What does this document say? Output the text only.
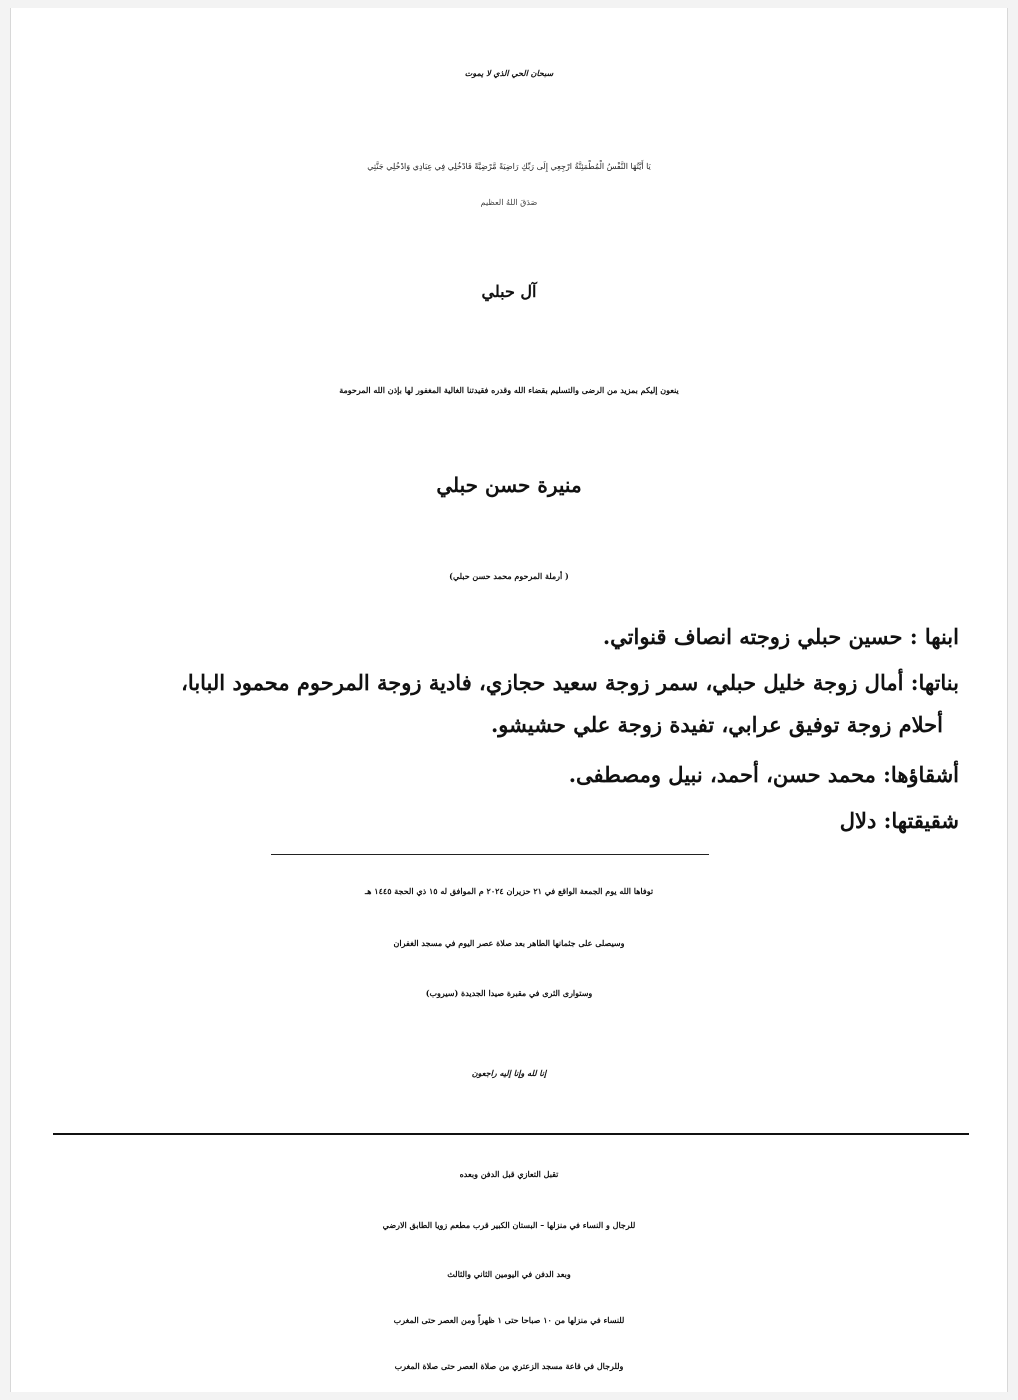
سبحان الحي الذي لا يموت
يَا أَيَّتُهَا النَّفْسُ الْمُطْمَئِنَّةُ ارْجِعِي إِلَى رَبِّكِ رَاضِيَةً مَّرْضِيَّةً فَادْخُلِي فِي عِبَادِي وَادْخُلِي جَنَّتِي
صَدَقَ اللهُ العظيم
آل حبلي
ينعون إليكم بمزيد من الرضى والتسليم بقضاء الله وقدره فقيدتنا الغالية المغفور لها بإذن الله المرحومة
منيرة حسن حبلي
( أرملة المرحوم محمد حسن حبلي)
ابنها : حسين حبلي زوجته انصاف قنواتي.
بناتها: أمال زوجة خليل حبلي، سمر زوجة سعيد حجازي، فادية زوجة المرحوم محمود البابا،
أحلام زوجة توفيق عرابي، تفيدة زوجة علي حشيشو.
أشقاؤها: محمد حسن، أحمد، نبيل ومصطفى.
شقيقتها: دلال
توفاها الله يوم الجمعة الواقع في ٢١ حزيران ٢٠٢٤ م الموافق له ١٥ ذي الحجة ١٤٤٥ هـ
وسيصلى على جثمانها الطاهر بعد صلاة عصر اليوم في مسجد الغفران
وستوارى الثرى في مقبرة صيدا الجديدة (سيروب)
إنا لله وإنا إليه راجعون
تقبل التعازي قبل الدفن وبعده
للرجال و النساء في منزلها – البستان الكبير قرب مطعم زويا الطابق الارضي
وبعد الدفن في اليومين الثاني والثالث
للنساء في منزلها من ١٠ صباحا حتى ١ ظهراً ومن العصر حتى المغرب
وللرجال في قاعة مسجد الزعتري من صلاة العصر حتى صلاة المغرب
